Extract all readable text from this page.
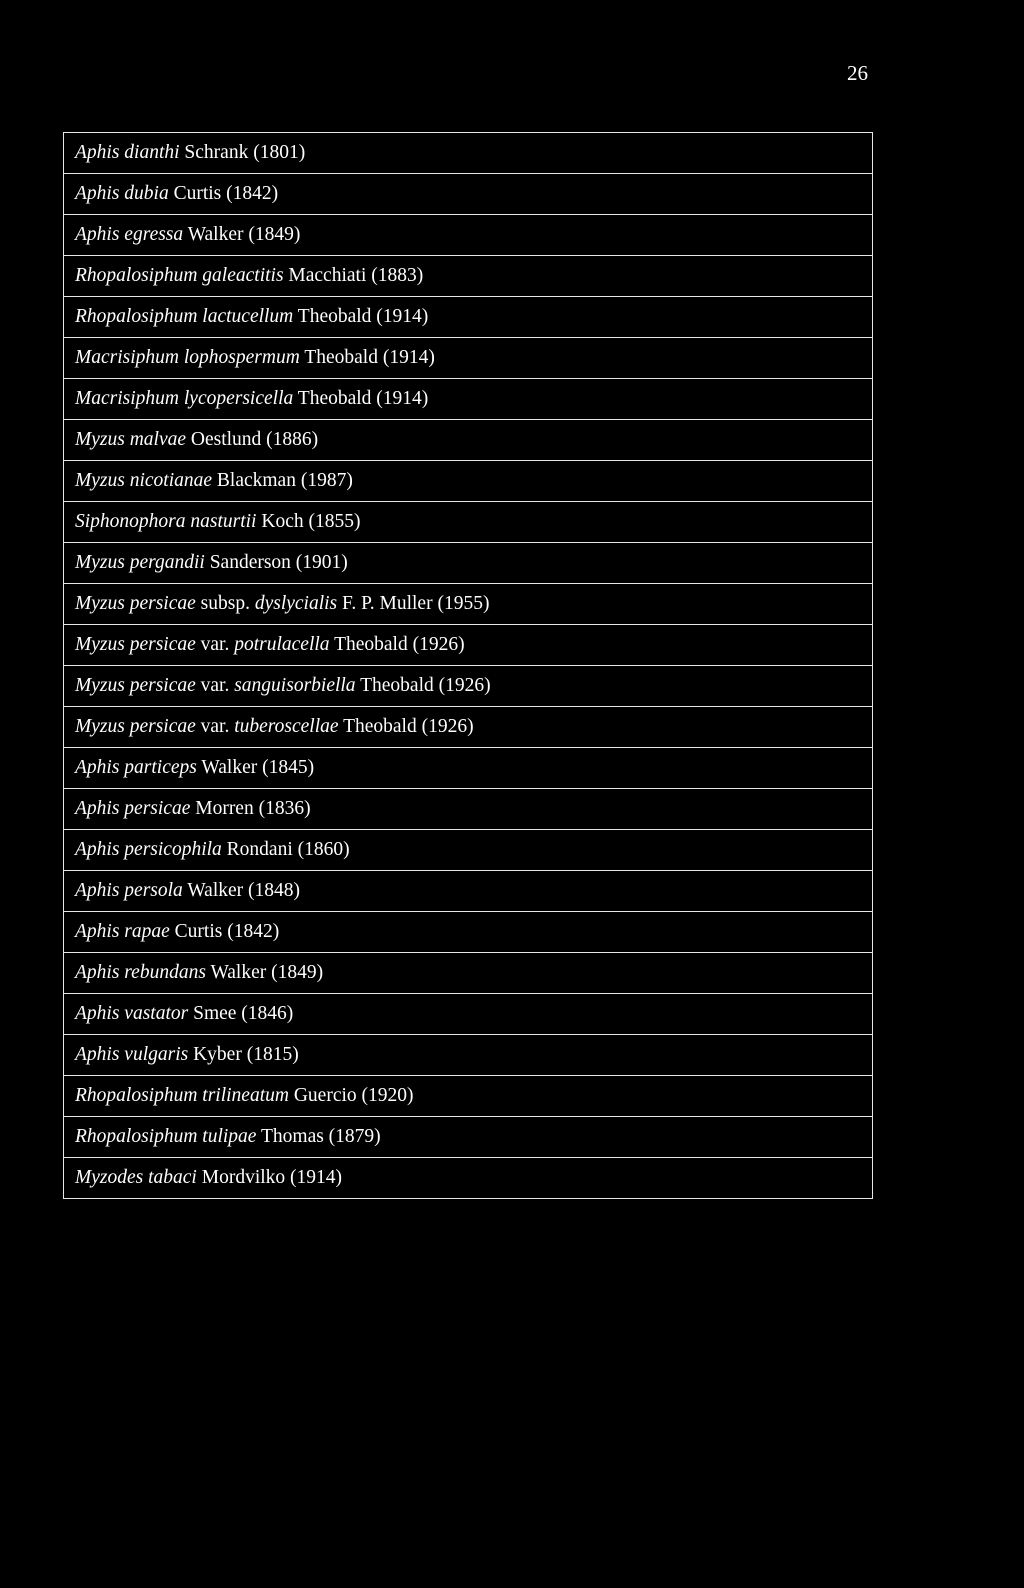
26
Aphis dianthi Schrank (1801)
Aphis dubia Curtis (1842)
Aphis egressa Walker (1849)
Rhopalosiphum galeactitis Macchiati (1883)
Rhopalosiphum lactucellum Theobald (1914)
Macrisiphum lophospermum Theobald (1914)
Macrisiphum lycopersicella Theobald (1914)
Myzus malvae Oestlund (1886)
Myzus nicotianae Blackman (1987)
Siphonophora nasturtii Koch (1855)
Myzus pergandii Sanderson (1901)
Myzus persicae subsp. dyslycialis F. P. Muller (1955)
Myzus persicae var. potrulacella Theobald (1926)
Myzus persicae var. sanguisorbiella Theobald (1926)
Myzus persicae var. tuberoscellae Theobald (1926)
Aphis particeps Walker (1845)
Aphis persicae Morren (1836)
Aphis persicophila Rondani (1860)
Aphis persola Walker (1848)
Aphis rapae Curtis (1842)
Aphis rebundans Walker (1849)
Aphis vastator Smee (1846)
Aphis vulgaris Kyber (1815)
Rhopalosiphum trilineatum Guercio (1920)
Rhopalosiphum tulipae Thomas (1879)
Myzodes tabaci Mordvilko (1914)
